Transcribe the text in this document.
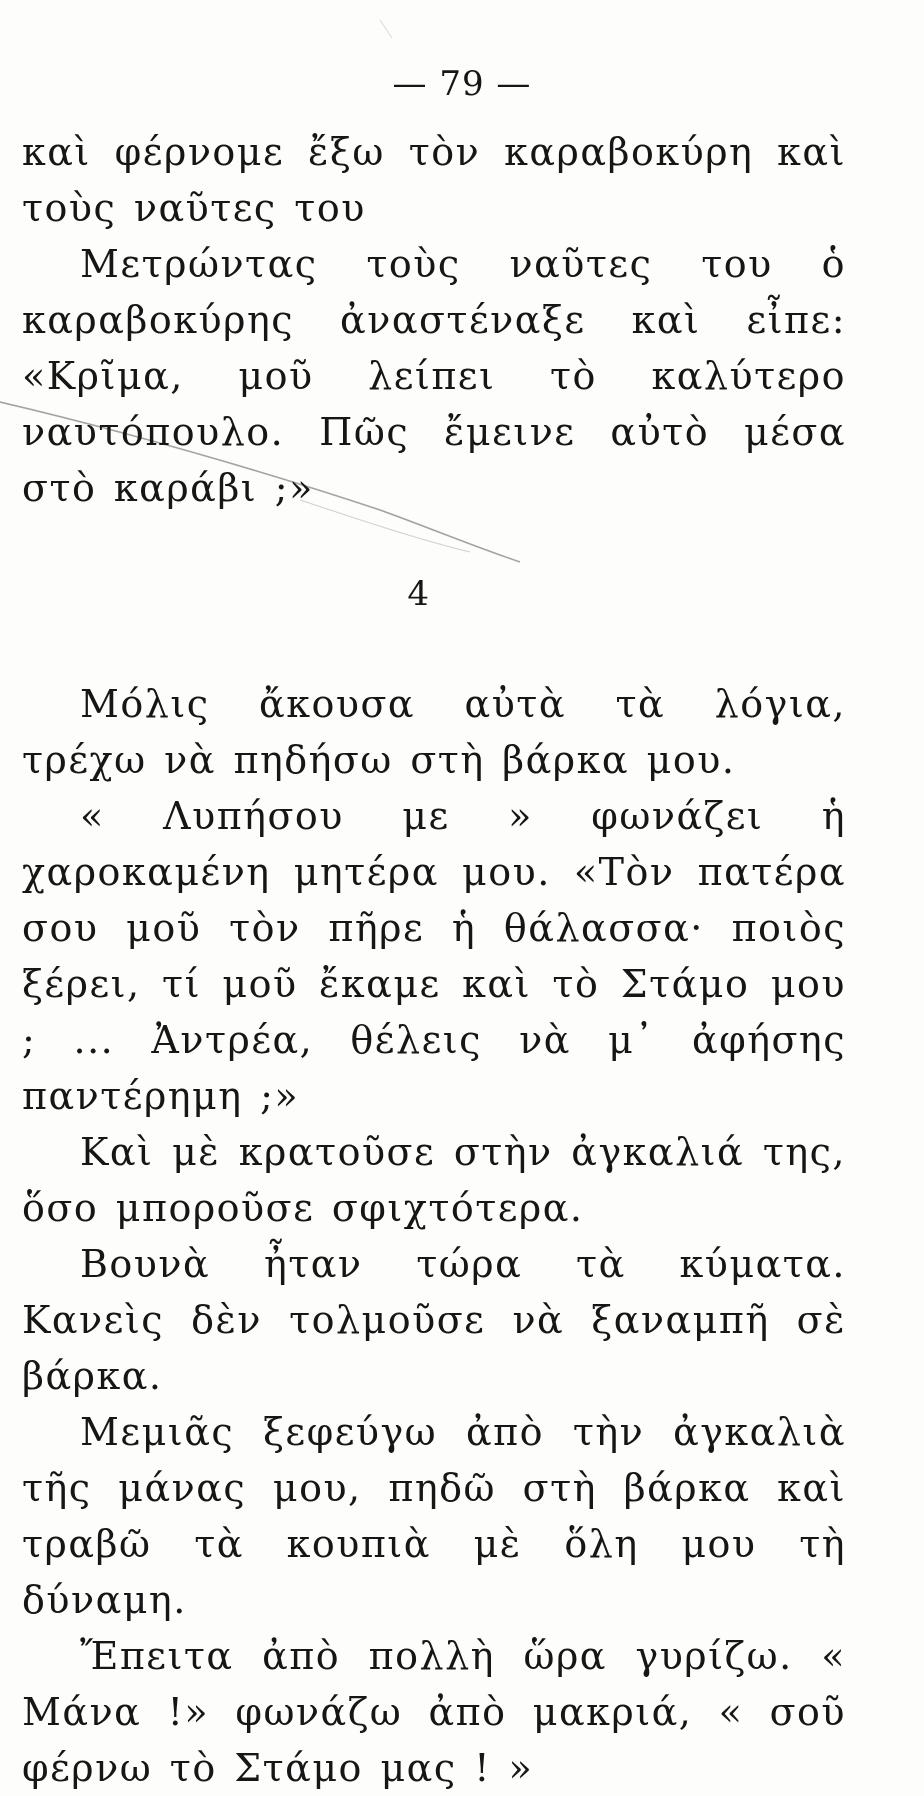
— 79 —

καὶ φέρνομε ἔξω τὸν καραβοκύρη καὶ τοὺς ναῦτες του

Μετρώντας τοὺς ναῦτες του ὁ καραβοκύρης ἀναστέναξε καὶ εἶπε: «Κρῖμα, μοῦ λείπει τὸ καλύτερο ναυτόπουλο. Πῶς ἔμεινε αὐτὸ μέσα στὸ καράβι ;»

4

Μόλις ἄκουσα αὐτὰ τὰ λόγια, τρέχω νὰ πηδήσω στὴ βάρκα μου.

« Λυπήσου με » φωνάζει ἡ χαροκαμένη μητέρα μου. «Τὸν πατέρα σου μοῦ τὸν πῆρε ἡ θάλασσα· ποιὸς ξέρει, τί μοῦ ἔκαμε καὶ τὸ Στάμο μου ; ... Ἀντρέα, θέλεις νὰ μ᾿ ἀφήσης παντέρημη ;»

Καὶ μὲ κρατοῦσε στὴν ἀγκαλιά της, ὅσο μποροῦσε σφιχτότερα.

Βουνὰ ἦταν τώρα τὰ κύματα. Κανεὶς δὲν τολμοῦσε νὰ ξαναμπῆ σὲ βάρκα.

Μεμιᾶς ξεφεύγω ἀπὸ τὴν ἀγκαλιὰ τῆς μάνας μου, πηδῶ στὴ βάρκα καὶ τραβῶ τὰ κουπιὰ μὲ ὅλη μου τὴ δύναμη.

Ἔπειτα ἀπὸ πολλὴ ὥρα γυρίζω. « Μάνα !» φωνάζω ἀπὸ μακριά, « σοῦ φέρνω τὸ Στάμο μας ! »
